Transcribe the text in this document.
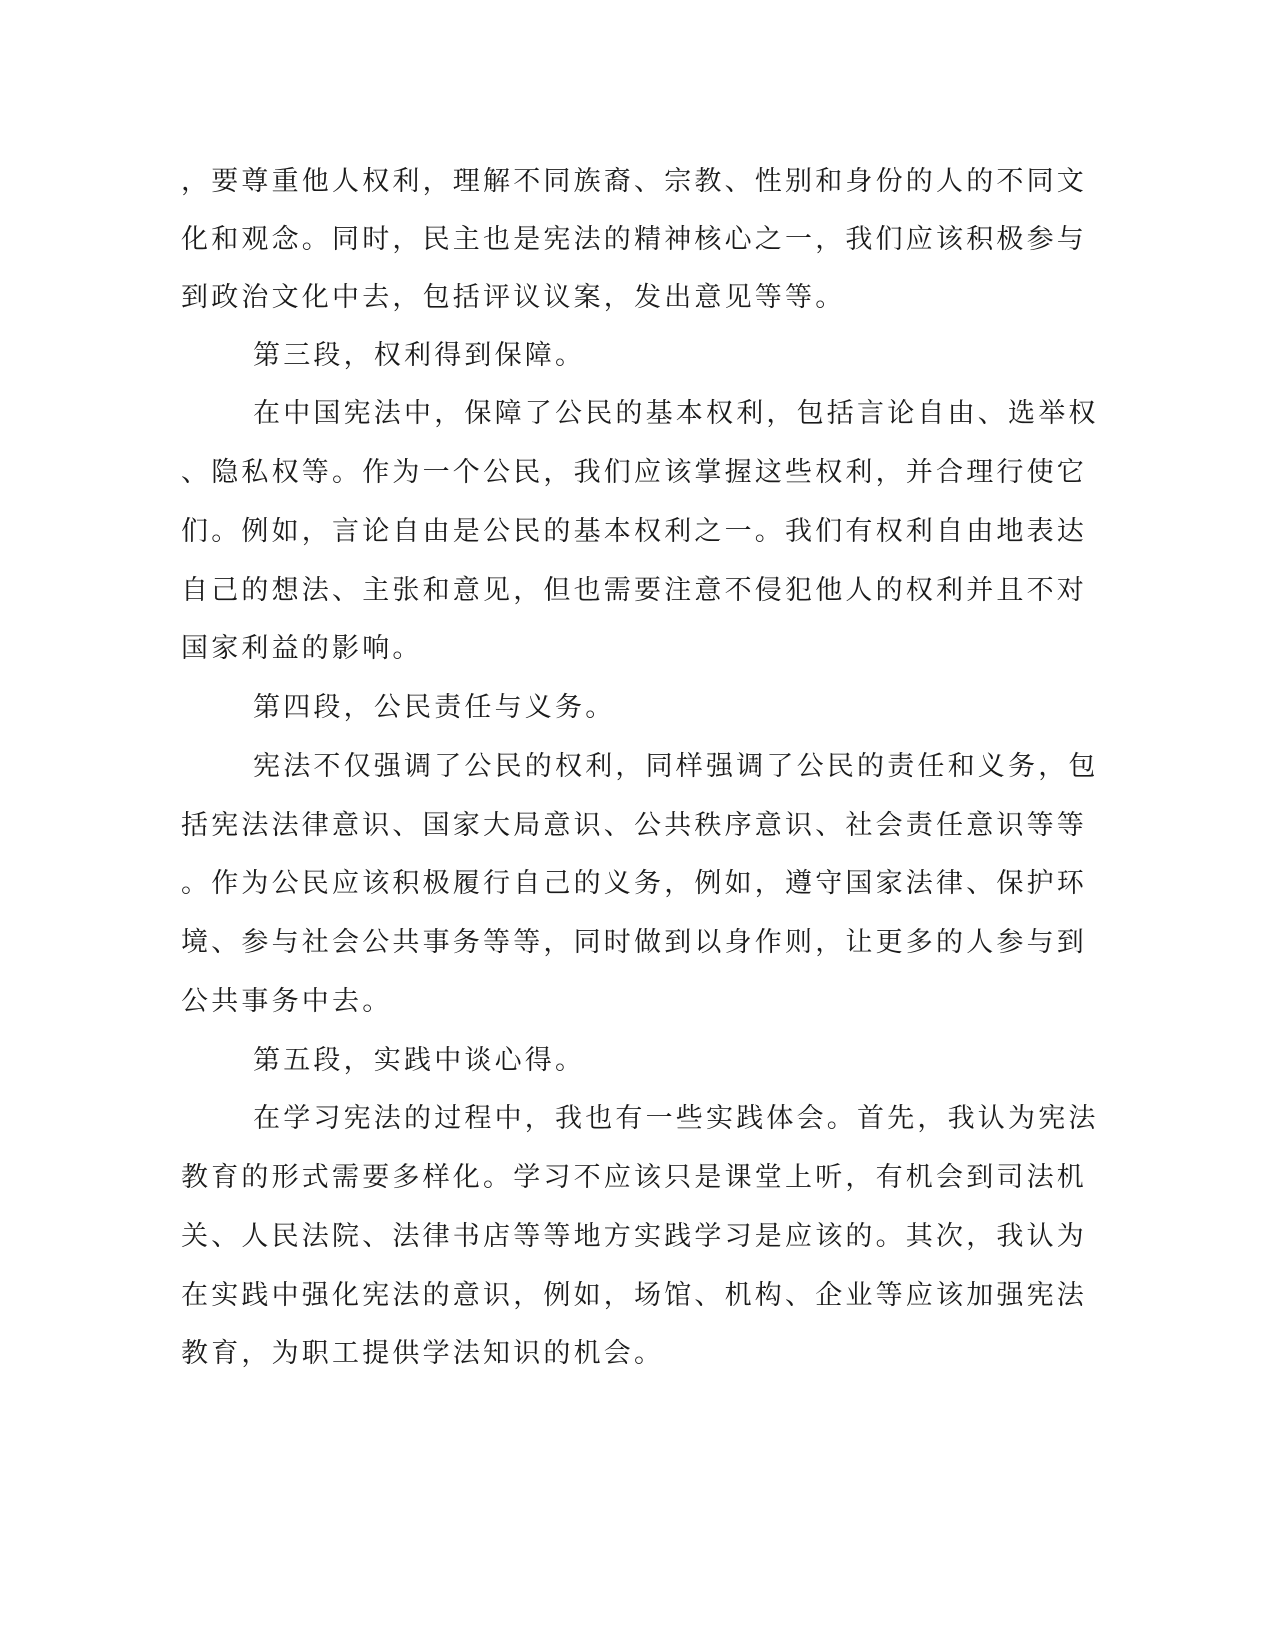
，要尊重他人权利，理解不同族裔、宗教、性别和身份的人的不同文
化和观念。同时，民主也是宪法的精神核心之一，我们应该积极参与
到政治文化中去，包括评议议案，发出意见等等。
第三段，权利得到保障。
在中国宪法中，保障了公民的基本权利，包括言论自由、选举权
、隐私权等。作为一个公民，我们应该掌握这些权利，并合理行使它
们。例如，言论自由是公民的基本权利之一。我们有权利自由地表达
自己的想法、主张和意见，但也需要注意不侵犯他人的权利并且不对
国家利益的影响。
第四段，公民责任与义务。
宪法不仅强调了公民的权利，同样强调了公民的责任和义务，包
括宪法法律意识、国家大局意识、公共秩序意识、社会责任意识等等
。作为公民应该积极履行自己的义务，例如，遵守国家法律、保护环
境、参与社会公共事务等等，同时做到以身作则，让更多的人参与到
公共事务中去。
第五段，实践中谈心得。
在学习宪法的过程中，我也有一些实践体会。首先，我认为宪法
教育的形式需要多样化。学习不应该只是课堂上听，有机会到司法机
关、人民法院、法律书店等等地方实践学习是应该的。其次，我认为
在实践中强化宪法的意识，例如，场馆、机构、企业等应该加强宪法
教育，为职工提供学法知识的机会。
